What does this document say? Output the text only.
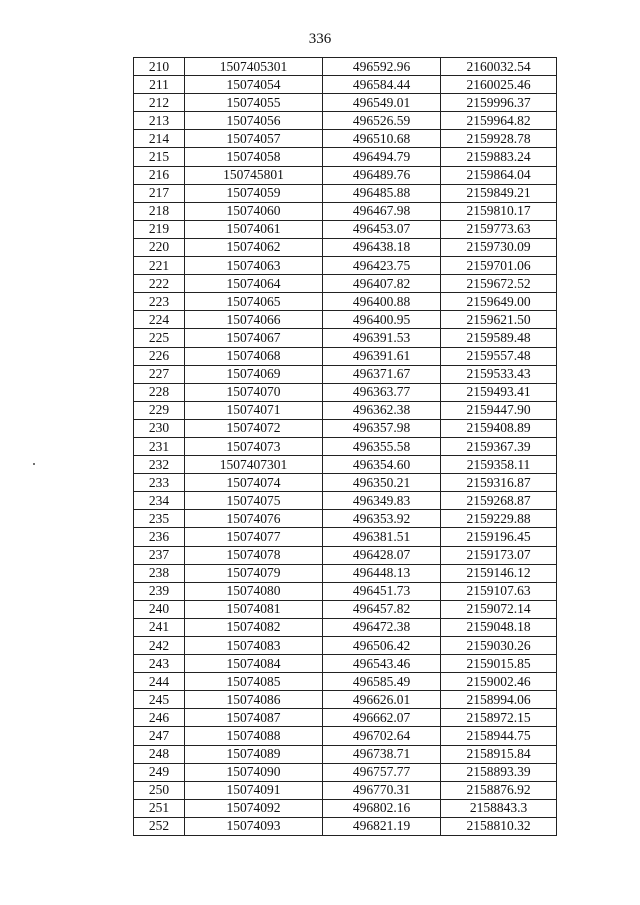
336
210	1507405301	496592.96	2160032.54
211	15074054	496584.44	2160025.46
212	15074055	496549.01	2159996.37
213	15074056	496526.59	2159964.82
214	15074057	496510.68	2159928.78
215	15074058	496494.79	2159883.24
216	150745801	496489.76	2159864.04
217	15074059	496485.88	2159849.21
218	15074060	496467.98	2159810.17
219	15074061	496453.07	2159773.63
220	15074062	496438.18	2159730.09
221	15074063	496423.75	2159701.06
222	15074064	496407.82	2159672.52
223	15074065	496400.88	2159649.00
224	15074066	496400.95	2159621.50
225	15074067	496391.53	2159589.48
226	15074068	496391.61	2159557.48
227	15074069	496371.67	2159533.43
228	15074070	496363.77	2159493.41
229	15074071	496362.38	2159447.90
230	15074072	496357.98	2159408.89
231	15074073	496355.58	2159367.39
232	1507407301	496354.60	2159358.11
233	15074074	496350.21	2159316.87
234	15074075	496349.83	2159268.87
235	15074076	496353.92	2159229.88
236	15074077	496381.51	2159196.45
237	15074078	496428.07	2159173.07
238	15074079	496448.13	2159146.12
239	15074080	496451.73	2159107.63
240	15074081	496457.82	2159072.14
241	15074082	496472.38	2159048.18
242	15074083	496506.42	2159030.26
243	15074084	496543.46	2159015.85
244	15074085	496585.49	2159002.46
245	15074086	496626.01	2158994.06
246	15074087	496662.07	2158972.15
247	15074088	496702.64	2158944.75
248	15074089	496738.71	2158915.84
249	15074090	496757.77	2158893.39
250	15074091	496770.31	2158876.92
251	15074092	496802.16	2158843.3
252	15074093	496821.19	2158810.32
